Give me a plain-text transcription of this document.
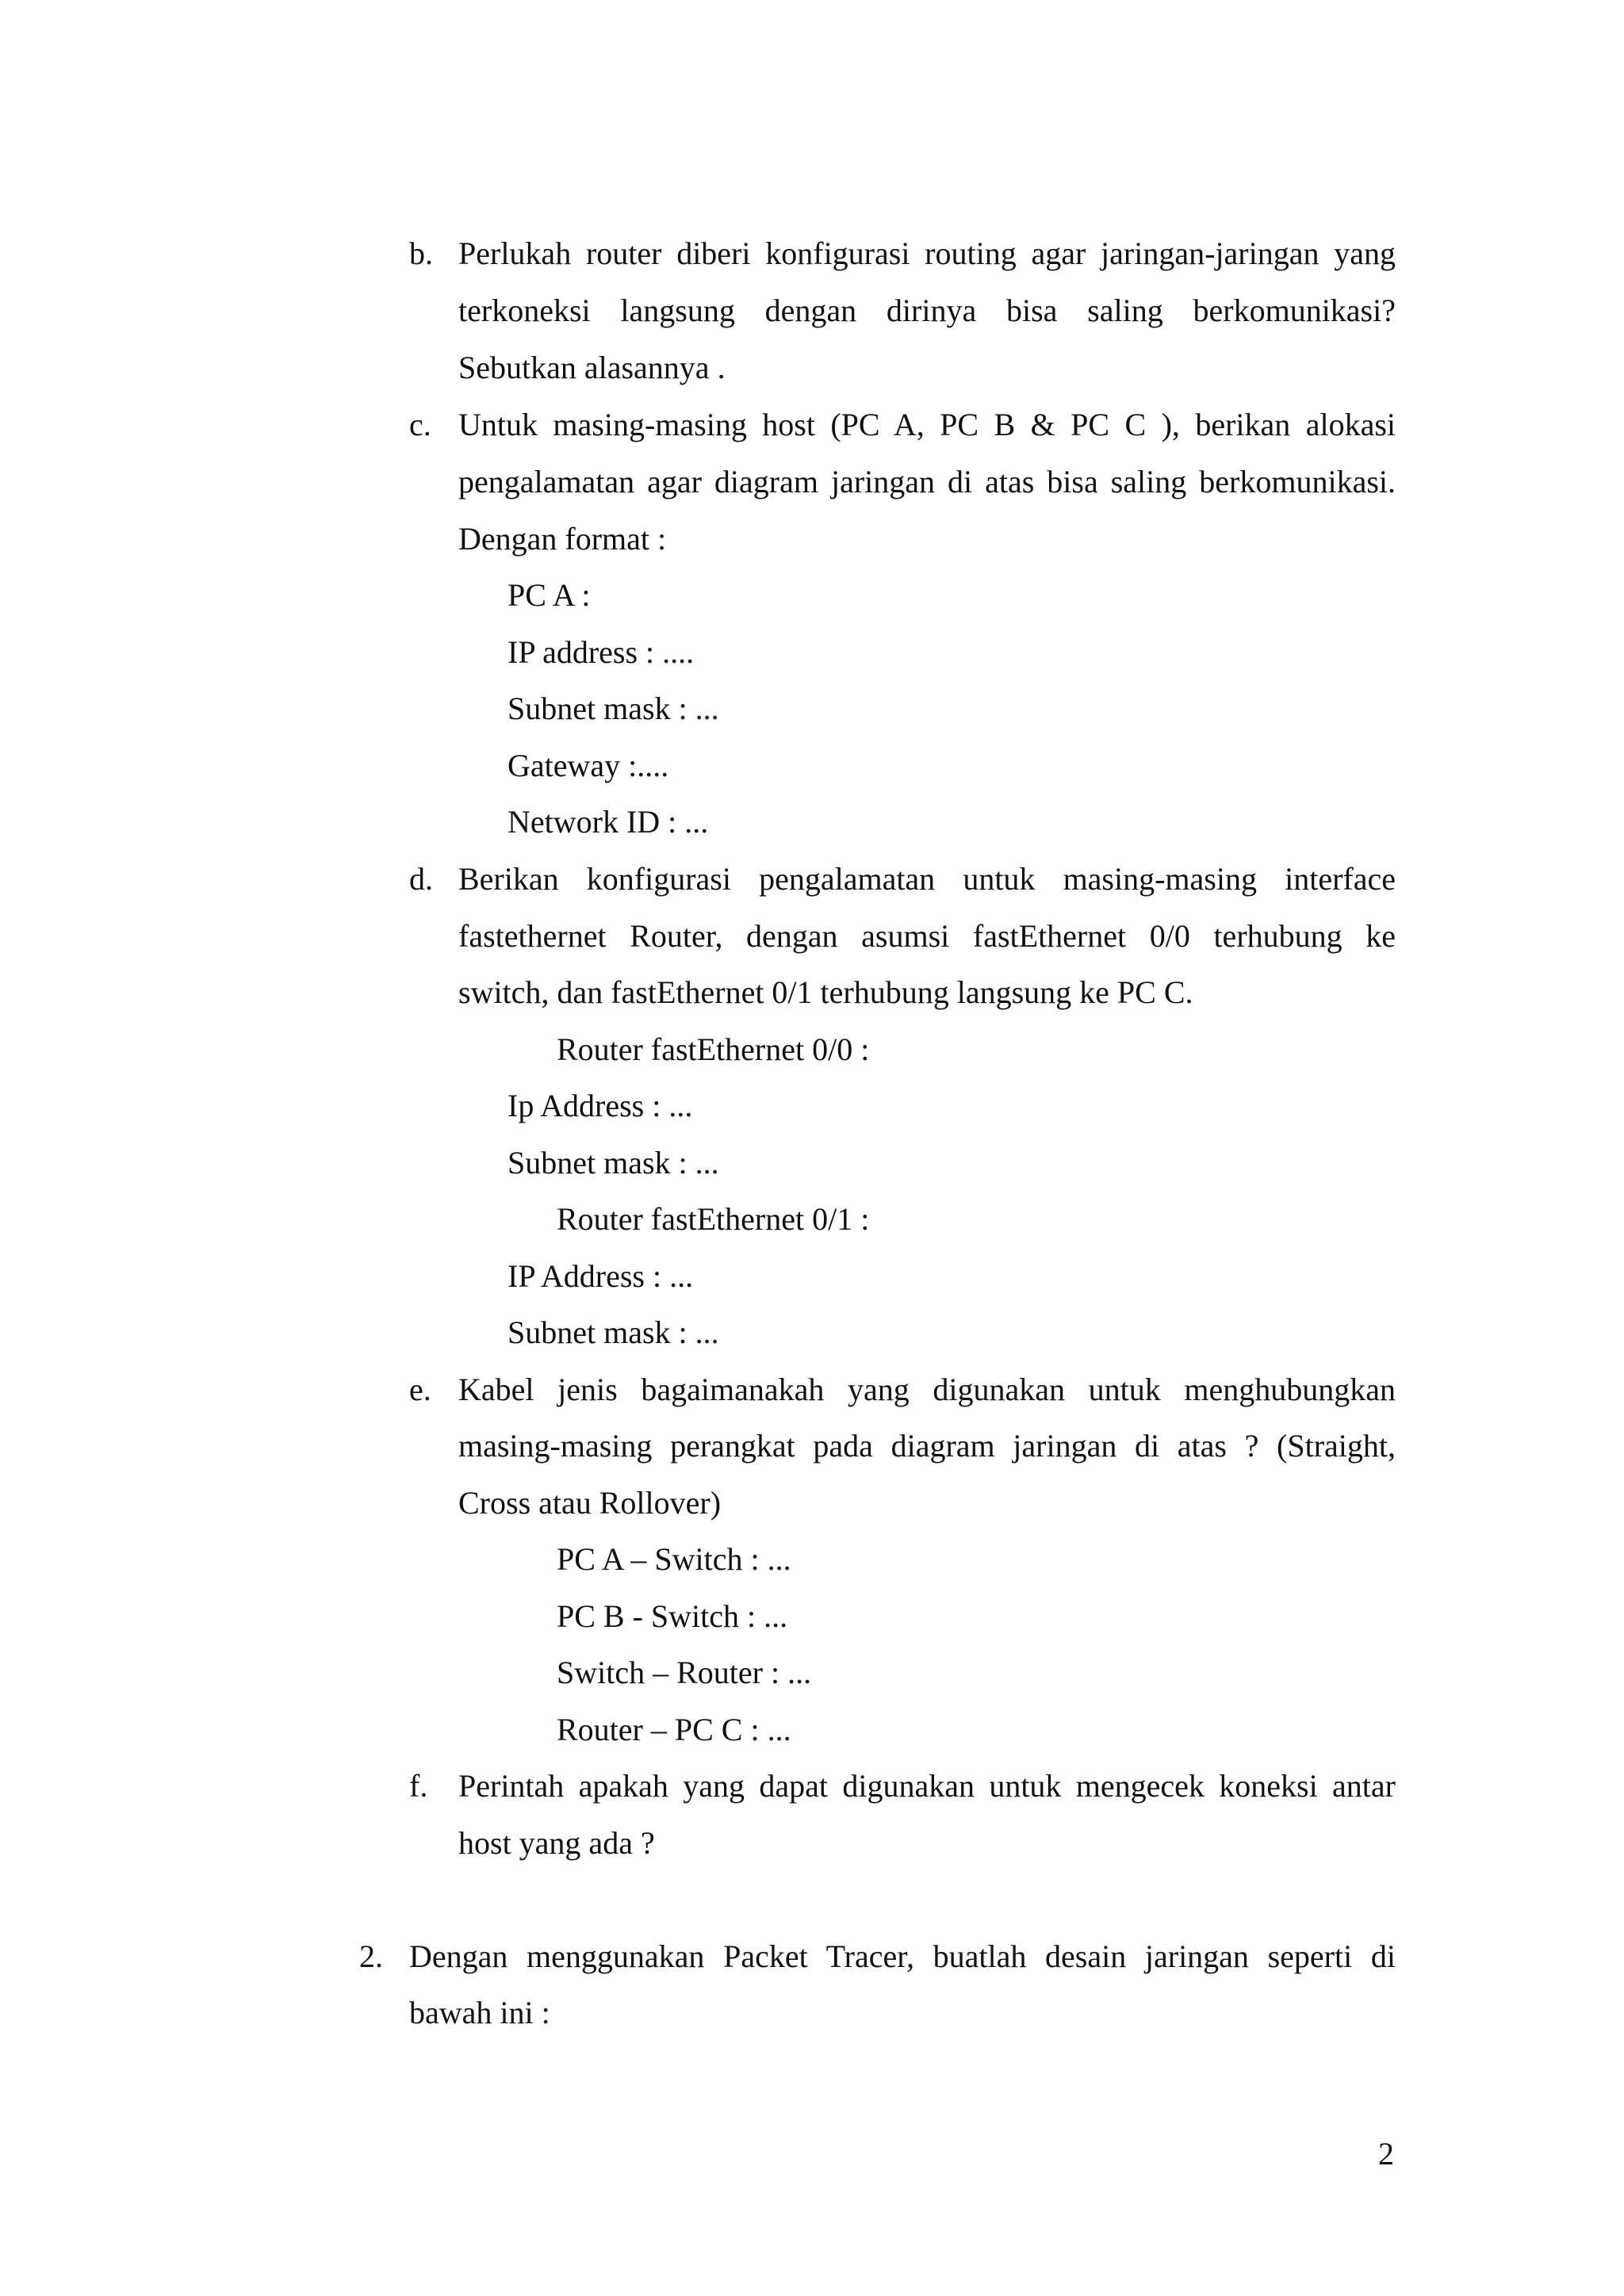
b. Perlukah router diberi konfigurasi routing agar jaringan-jaringan yang
terkoneksi langsung dengan dirinya bisa saling berkomunikasi?
Sebutkan alasannya .
c. Untuk masing-masing host (PC A, PC B & PC C ), berikan alokasi
pengalamatan agar diagram jaringan di atas bisa saling berkomunikasi.
Dengan format :
PC A :
IP address : ....
Subnet mask : ...
Gateway :....
Network ID : ...
d. Berikan konfigurasi pengalamatan untuk masing-masing interface
fastethernet Router, dengan asumsi fastEthernet 0/0 terhubung ke
switch, dan fastEthernet 0/1 terhubung langsung ke PC C.
Router fastEthernet 0/0 :
Ip Address : ...
Subnet mask : ...
Router fastEthernet 0/1 :
IP Address : ...
Subnet mask : ...
e. Kabel jenis bagaimanakah yang digunakan untuk menghubungkan
masing-masing perangkat pada diagram jaringan di atas ? (Straight,
Cross atau Rollover)
PC A – Switch : ...
PC B - Switch : ...
Switch – Router : ...
Router – PC C : ...
f. Perintah apakah yang dapat digunakan untuk mengecek koneksi antar
host yang ada ?
2. Dengan menggunakan Packet Tracer, buatlah desain jaringan seperti di
bawah ini :
2
